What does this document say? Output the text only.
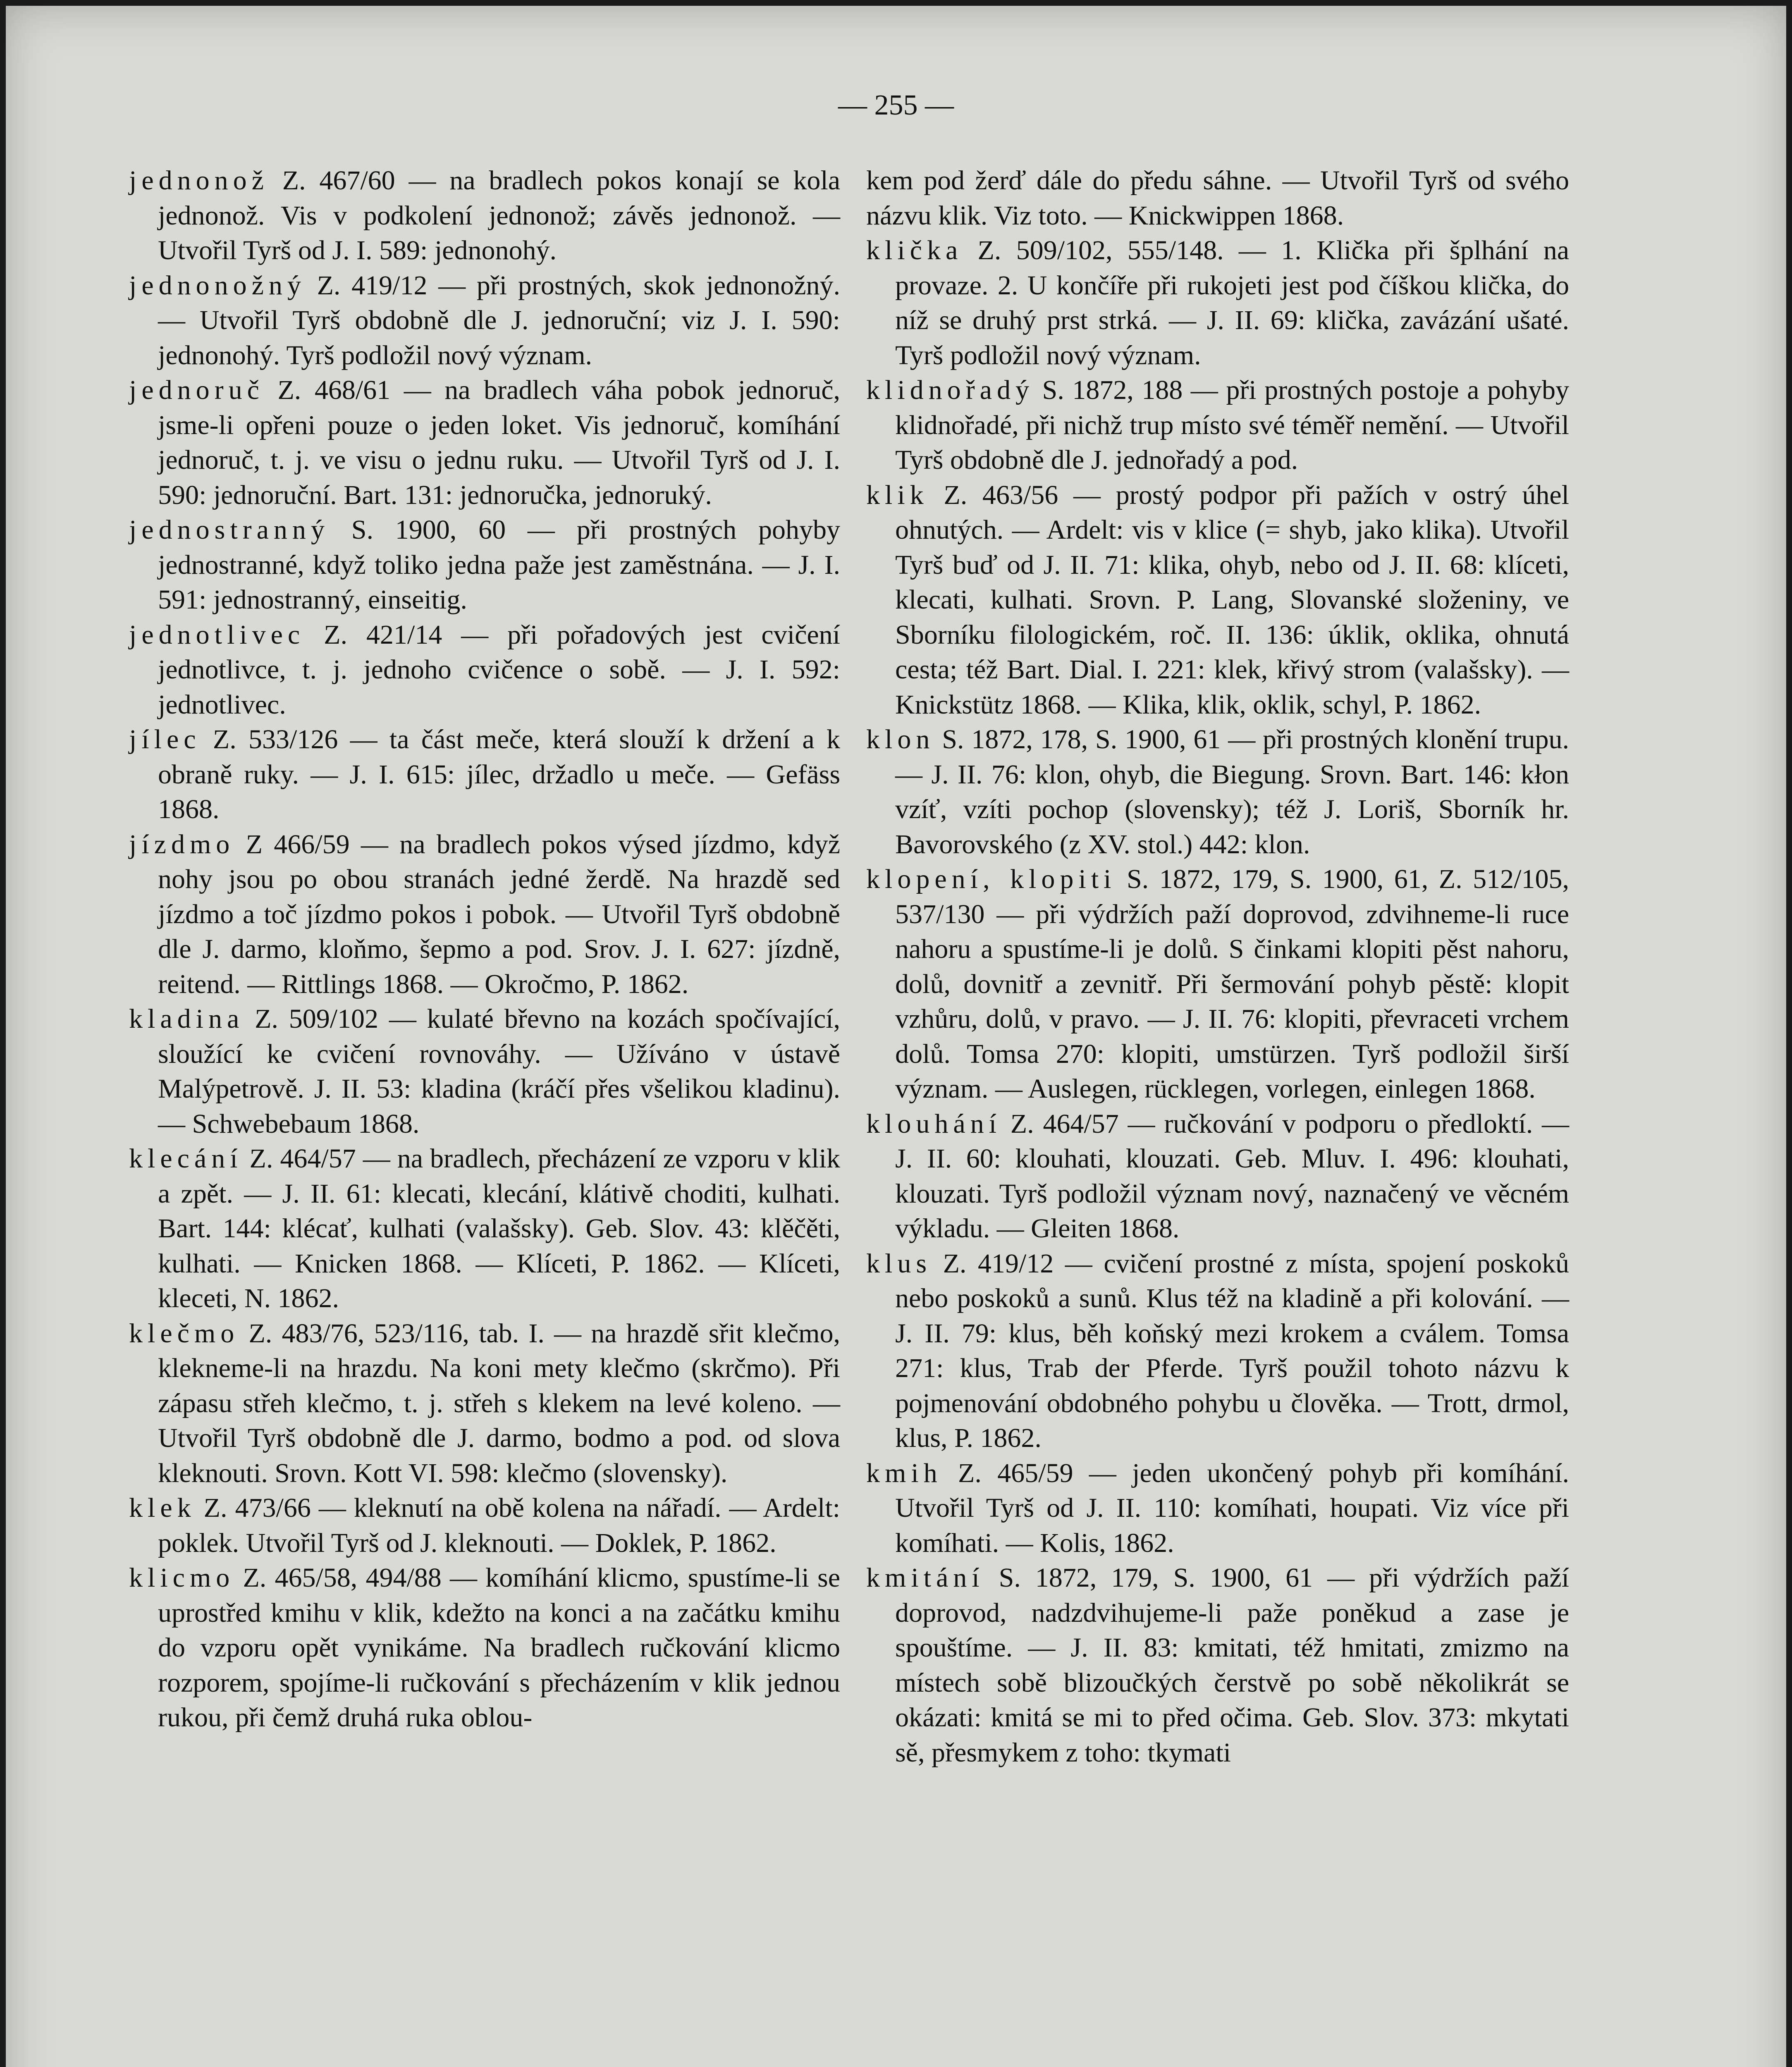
— 255 —

jednonož Z. 467/60 — na bradlech pokos konají se kola jednonož. Vis v podkolení jednonož; závěs jednonož. — Utvořil Tyrš od J. I. 589: jednonohý.

jednonožný Z. 419/12 — při prostných, skok jednonožný. — Utvořil Tyrš obdobně dle J. jednoruční; viz J. I. 590: jednonohý. Tyrš podložil nový význam.

jednoruč Z. 468/61 — na bradlech váha pobok jednoruč, jsme-li opřeni pouze o jeden loket. Vis jednoruč, komíhání jednoruč, t. j. ve visu o jednu ruku. — Utvořil Tyrš od J. I. 590: jednoruční. Bart. 131: jednoručka, jednoruký.

jednostranný S. 1900, 60 — při prostných pohyby jednostranné, když toliko jedna paže jest zaměstnána. — J. I. 591: jednostranný, einseitig.

jednotlivec Z. 421/14 — při pořadových jest cvičení jednotlivce, t. j. jednoho cvičence o sobě. — J. I. 592: jednotlivec.

jílec Z. 533/126 — ta část meče, která slouží k držení a k obraně ruky. — J. I. 615: jílec, držadlo u meče. — Gefäss 1868.

jízdmo Z 466/59 — na bradlech pokos výsed jízdmo, když nohy jsou po obou stranách jedné žerdě. Na hrazdě sed jízdmo a toč jízdmo pokos i pobok. — Utvořil Tyrš obdobně dle J. darmo, kloňmo, šepmo a pod. Srov. J. I. 627: jízdně, reitend. — Rittlings 1868. — Okročmo, P. 1862.

kladina Z. 509/102 — kulaté břevno na kozách spočívající, sloužící ke cvičení rovnováhy. — Užíváno v ústavě Malýpetrově. J. II. 53: kladina (kráčí přes všelikou kladinu). — Schwebebaum 1868.

klecání Z. 464/57 — na bradlech, přecházení ze vzporu v klik a zpět. — J. II. 61: klecati, klecání, klátivě choditi, kulhati. Bart. 144: klécať, kulhati (valašsky). Geb. Slov. 43: klěčěti, kulhati. — Knicken 1868. — Klíceti, P. 1862. — Klíceti, kleceti, N. 1862.

klečmo Z. 483/76, 523/116, tab. I. — na hrazdě sřit klečmo, klekneme-li na hrazdu. Na koni mety klečmo (skrčmo). Při zápasu střeh klečmo, t. j. střeh s klekem na levé koleno. — Utvořil Tyrš obdobně dle J. darmo, bodmo a pod. od slova kleknouti. Srovn. Kott VI. 598: klečmo (slovensky).

klek Z. 473/66 — kleknutí na obě kolena na nářadí. — Ardelt: poklek. Utvořil Tyrš od J. kleknouti. — Doklek, P. 1862.

klicmo Z. 465/58, 494/88 — komíhání klicmo, spustíme-li se uprostřed kmihu v klik, kdežto na konci a na začátku kmihu do vzporu opět vynikáme. Na bradlech ručkování klicmo rozporem, spojíme-li ručkování s přecházením v klik jednou rukou, při čemž druhá ruka oblou-

kem pod žerď dále do předu sáhne. — Utvořil Tyrš od svého názvu klik. Viz toto. — Knickwippen 1868.

klička Z. 509/102, 555/148. — 1. Klička při šplhání na provaze. 2. U končíře při rukojeti jest pod číškou klička, do níž se druhý prst strká. — J. II. 69: klička, zavázání ušaté. Tyrš podložil nový význam.

klidnořadý S. 1872, 188 — při prostných postoje a pohyby klidnořadé, při nichž trup místo své téměř nemění. — Utvořil Tyrš obdobně dle J. jednořadý a pod.

klik Z. 463/56 — prostý podpor při pažích v ostrý úhel ohnutých. — Ardelt: vis v klice (= shyb, jako klika). Utvořil Tyrš buď od J. II. 71: klika, ohyb, nebo od J. II. 68: klíceti, klecati, kulhati. Srovn. P. Lang, Slovanské složeniny, ve Sborníku filologickém, roč. II. 136: úklik, oklika, ohnutá cesta; též Bart. Dial. I. 221: klek, křivý strom (valašsky). — Knickstütz 1868. — Klika, klik, oklik, schyl, P. 1862.

klon S. 1872, 178, S. 1900, 61 — při prostných klonění trupu. — J. II. 76: klon, ohyb, die Biegung. Srovn. Bart. 146: kłon vzíť, vzíti pochop (slovensky); též J. Loriš, Sborník hr. Bavorovského (z XV. stol.) 442: klon.

klopení, klopiti S. 1872, 179, S. 1900, 61, Z. 512/105, 537/130 — při výdržích paží doprovod, zdvihneme-li ruce nahoru a spustíme-li je dolů. S činkami klopiti pěst nahoru, dolů, dovnitř a zevnitř. Při šermování pohyb pěstě: klopit vzhůru, dolů, v pravo. — J. II. 76: klopiti, převraceti vrchem dolů. Tomsa 270: klopiti, umstürzen. Tyrš podložil širší význam. — Auslegen, rücklegen, vorlegen, einlegen 1868.

klouhání Z. 464/57 — ručkování v podporu o předloktí. — J. II. 60: klouhati, klouzati. Geb. Mluv. I. 496: klouhati, klouzati. Tyrš podložil význam nový, naznačený ve věcném výkladu. — Gleiten 1868.

klus Z. 419/12 — cvičení prostné z místa, spojení poskoků nebo poskoků a sunů. Klus též na kladině a při kolování. — J. II. 79: klus, běh koňský mezi krokem a cválem. Tomsa 271: klus, Trab der Pferde. Tyrš použil tohoto názvu k pojmenování obdobného pohybu u člověka. — Trott, drmol, klus, P. 1862.

kmih Z. 465/59 — jeden ukončený pohyb při komíhání. Utvořil Tyrš od J. II. 110: komíhati, houpati. Viz více při komíhati. — Kolis, 1862.

kmitání S. 1872, 179, S. 1900, 61 — při výdržích paží doprovod, nadzdvihujeme-li paže poněkud a zase je spouštíme. — J. II. 83: kmitati, též hmitati, zmizmo na místech sobě blizoučkých čerstvě po sobě několikrát se okázati: kmitá se mi to před očima. Geb. Slov. 373: mkytati sě, přesmykem z toho: tkymati
